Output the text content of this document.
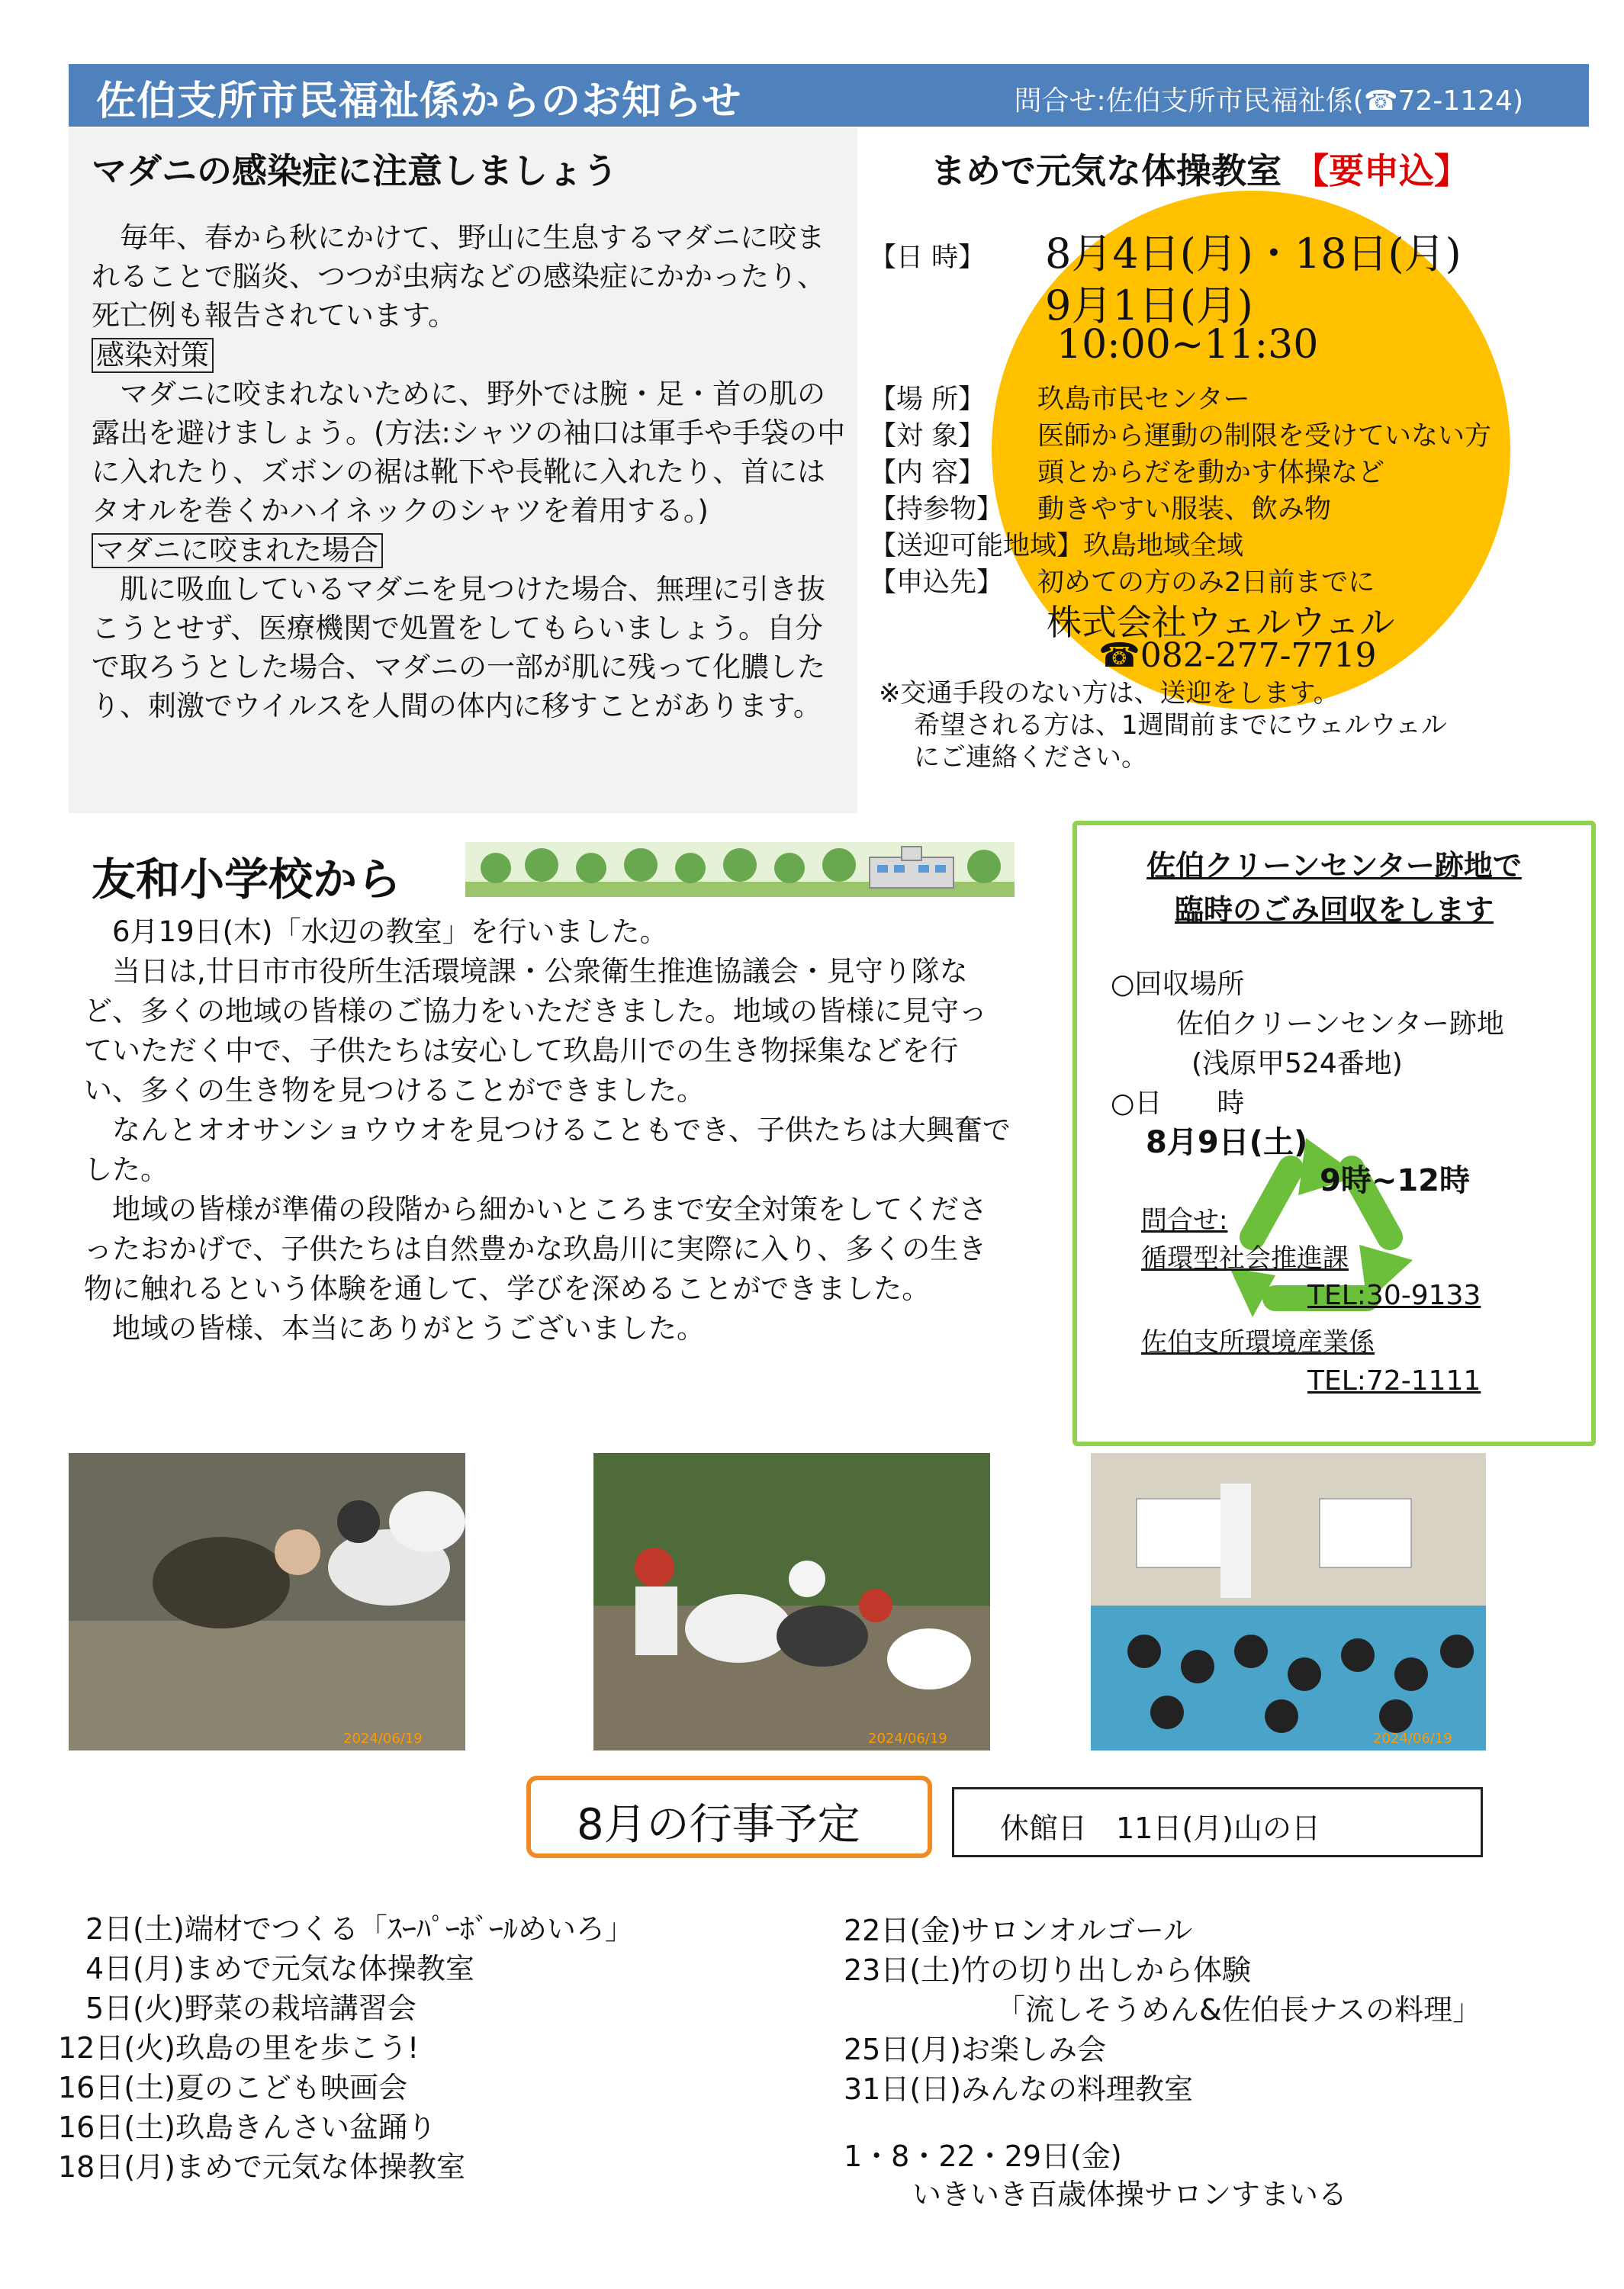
佐伯支所市民福祉係からのお知らせ	問合せ:佐伯支所市民福祉係(☎72-1124)
マダニの感染症に注意しましょう

毎年、春から秋にかけて、野山に生息するマダニに咬まれることで脳炎、つつが虫病などの感染症にかかったり、死亡例も報告されています。

感染対策

マダニに咬まれないために、野外では腕・足・首の肌の露出を避けましょう。(方法:シャツの袖口は軍手や手袋の中に入れたり、ズボンの裾は靴下や長靴に入れたり、首にはタオルを巻くかハイネックのシャツを着用する。)

マダニに咬まれた場合

肌に吸血しているマダニを見つけた場合、無理に引き抜こうとせず、医療機関で処置をしてもらいましょう。自分で取ろうとした場合、マダニの一部が肌に残って化膿したり、刺激でウイルスを人間の体内に移すことがあります。

まめで元気な体操教室 【要申込】
【日 時】 8月4日(月)・18日(月)
9月1日(月)
10:00~11:30
【場 所】 玖島市民センター
【対 象】 医師から運動の制限を受けていない方
【内 容】 頭とからだを動かす体操など
【持参物】 動きやすい服装、飲み物
【送迎可能地域】玖島地域全域
【申込先】 初めての方のみ2日前までに
株式会社ウェルウェル
☎082-277-7719
※交通手段のない方は、送迎をします。
希望される方は、1週間前までにウェルウェル
にご連絡ください。
友和小学校から

6月19日(木)「水辺の教室」を行いました。

当日は,廿日市市役所生活環境課・公衆衛生推進協議会・見守り隊など、多くの地域の皆様のご協力をいただきました。地域の皆様に見守っていただく中で、子供たちは安心して玖島川での生き物採集などを行い、多くの生き物を見つけることができました。

なんとオオサンショウウオを見つけることもでき、子供たちは大興奮でした。

地域の皆様が準備の段階から細かいところまで安全対策をしてくださったおかげで、子供たちは自然豊かな玖島川に実際に入り、多くの生き物に触れるという体験を通して、学びを深めることができました。

地域の皆様、本当にありがとうございました。

佐伯クリーンセンター跡地で
臨時のごみ回収をします
○回収場所
佐伯クリーンセンター跡地
(浅原甲524番地)
○日　　時
8月9日(土)
9時~12時
問合せ:
循環型社会推進課
TEL:30-9133
佐伯支所環境産業係
TEL:72-1111
2024/06/19	2024/06/19	2024/06/19
8月の行事予定	休館日　11日(月)山の日
2日(土)端材でつくる「ｽｰﾊﾟｰﾎﾞｰﾙめいろ」
4日(月)まめで元気な体操教室
5日(火)野菜の栽培講習会
12日(火)玖島の里を歩こう!
16日(土)夏のこども映画会
16日(土)玖島きんさい盆踊り
18日(月)まめで元気な体操教室
22日(金)サロンオルゴール
23日(土)竹の切り出しから体験
「流しそうめん&佐伯長ナスの料理」
25日(月)お楽しみ会
31日(日)みんなの料理教室
1・8・22・29日(金)
いきいき百歳体操サロンすまいる
